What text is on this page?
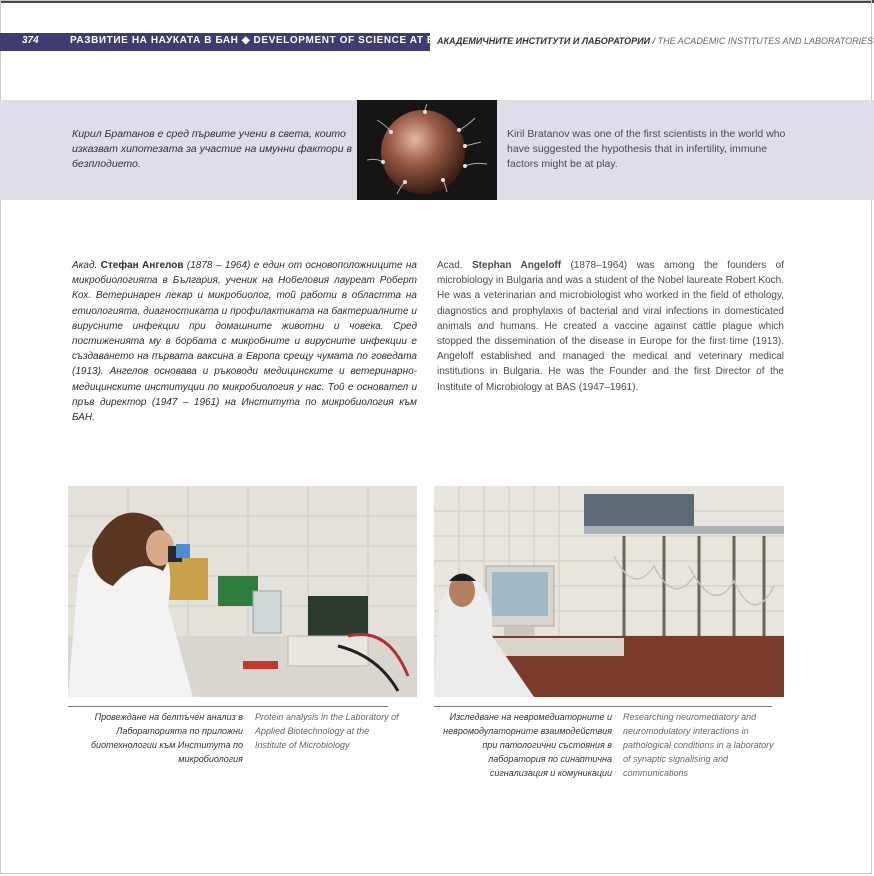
374	РАЗВИТИЕ НА НАУКАТА В БАН ◆ DEVELOPMENT OF SCIENCE AT BAS
АКАДЕМИЧНИТЕ ИНСТИТУТИ И ЛАБОРАТОРИИ / THE ACADEMIC INSTITUTES AND LABORATORIES
Кирил Братанов е сред първите учени в света, които изказват хипотезата за участие на имунни фактори в безплодието.
Kiril Bratanov was one of the first scientists in the world who have suggested the hypothesis that in infertility, immune factors might be at play.
Акад. Стефан Ангелов (1878 – 1964) е един от основоположниците на микробиологията в България, ученик на Нобеловия лауреат Роберт Кох. Ветеринарен лекар и микробиолог, той работи в областта на етиологията, диагностиката и профилактиката на бактериалните и вирусните инфекции при домашните животни и човека. Сред постиженията му в борбата с микробните и вирусните инфекции е създаването на първата ваксина в Европа срещу чумата по говедата (1913). Ангелов основава и ръководи медицинските и ветеринарно-медицинските институции по микробиология у нас. Той е основател и пръв директор (1947 – 1961) на Института по микробиология към БАН.
Acad. Stephan Angeloff (1878–1964) was among the founders of microbiology in Bulgaria and was a student of the Nobel laureate Robert Koch. He was a veterinarian and microbiologist who worked in the field of ethology, diagnostics and prophylaxis of bacterial and viral infections in domesticated animals and humans. He created a vaccine against cattle plague which stopped the dissemination of the disease in Europe for the first time (1913). Angeloff established and managed the medical and veterinary medical institutions in Bulgaria. He was the Founder and the first Director of the Institute of Microbiology at BAS (1947–1961).
Провеждане на белтъчен анализ в Лабораторията по приложни биотехнологии към Института по микробиология
Protein analysis in the Laboratory of Applied Biotechnology at the Institute of Microbiology
Изследване на невромедиаторните и невромодулаторните взаимодействия при патологични състояния в лаборатория по синаптична сигнализация и комуникации
Researching neuromediatory and neuromodulatory interactions in pathological conditions in a laboratory of synaptic signalising and communications
